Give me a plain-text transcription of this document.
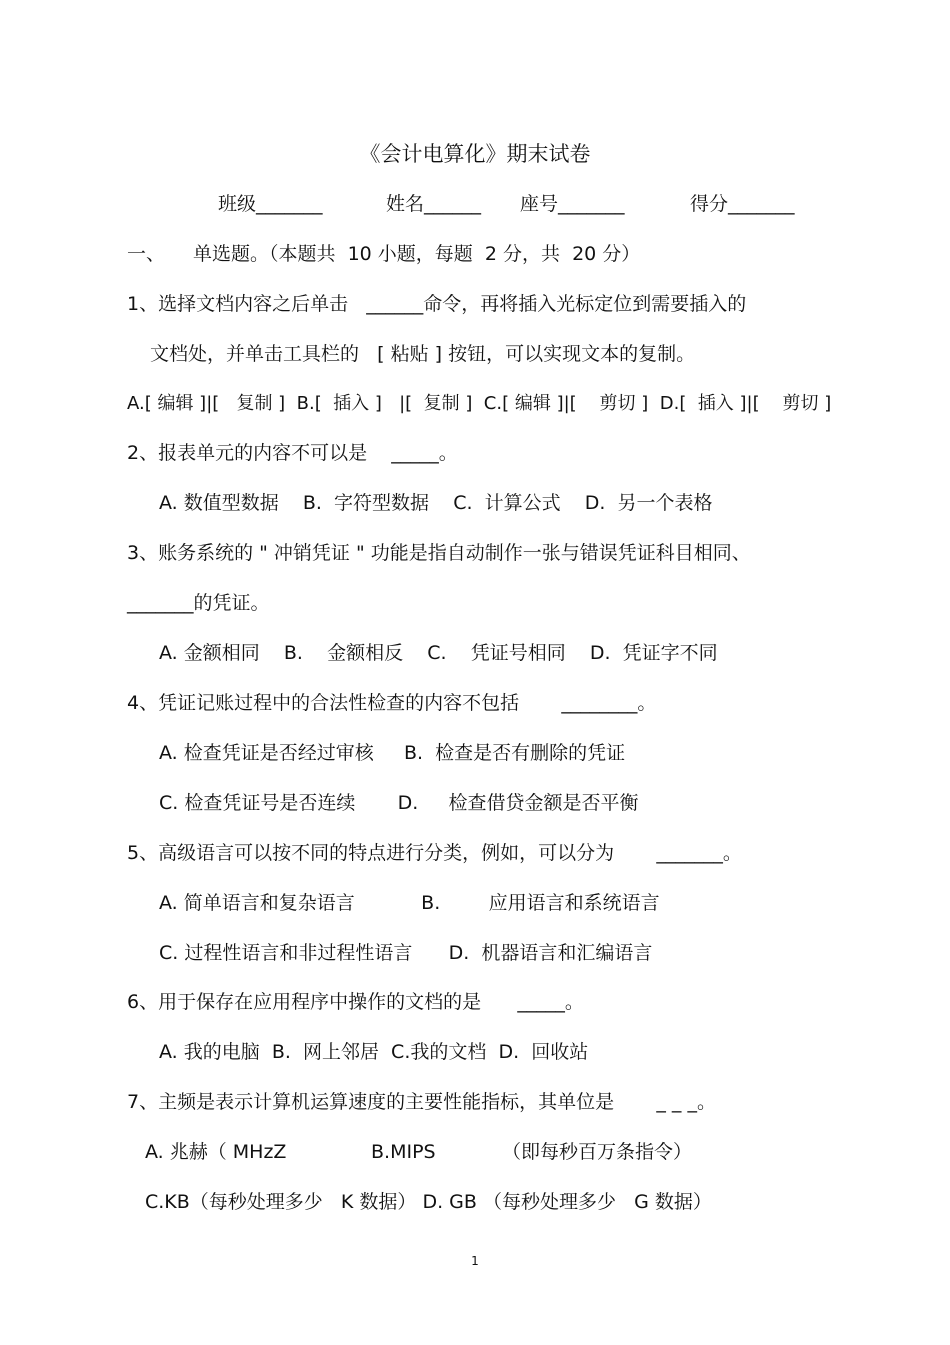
《会计电算化》期末试卷
班级_______	姓名______ 座号_______	得分_______
一、 单选题。（本题共  10 小题，每题  2 分，共  20 分）
1、选择文档内容之后单击   ______命令，再将插入光标定位到需要插入的
文档处，并单击工具栏的   [ 粘贴 ] 按钮，可以实现文本的复制。
A.[ 编辑 ]|[   复制 ]  B.[  插入 ]   |[  复制 ]  C.[ 编辑 ]|[    剪切 ]  D.[  插入 ]|[    剪切 ]
2、报表单元的内容不可以是    _____。
A. 数值型数据    B.  字符型数据    C.  计算公式    D.  另一个表格
3、账务系统的 " 冲销凭证 " 功能是指自动制作一张与错误凭证科目相同、
_______的凭证。
A. 金额相同    B.    金额相反    C.    凭证号相同    D.  凭证字不同
4、凭证记账过程中的合法性检查的内容不包括       ________。
A. 检查凭证是否经过审核     B.  检查是否有删除的凭证
C. 检查凭证号是否连续       D.     检查借贷金额是否平衡
5、高级语言可以按不同的特点进行分类，例如，可以分为       _______。
A. 简单语言和复杂语言           B.        应用语言和系统语言
C. 过程性语言和非过程性语言      D.  机器语言和汇编语言
6、用于保存在应用程序中操作的文档的是      _____。
A. 我的电脑  B.  网上邻居  C.我的文档  D.  回收站
7、主频是表示计算机运算速度的主要性能指标，其单位是       _ _ _。
A. 兆赫（ MHzZ              B.MIPS           （即每秒百万条指令）
C.KB（每秒处理多少   K 数据） D. GB （每秒处理多少   G 数据）
1
